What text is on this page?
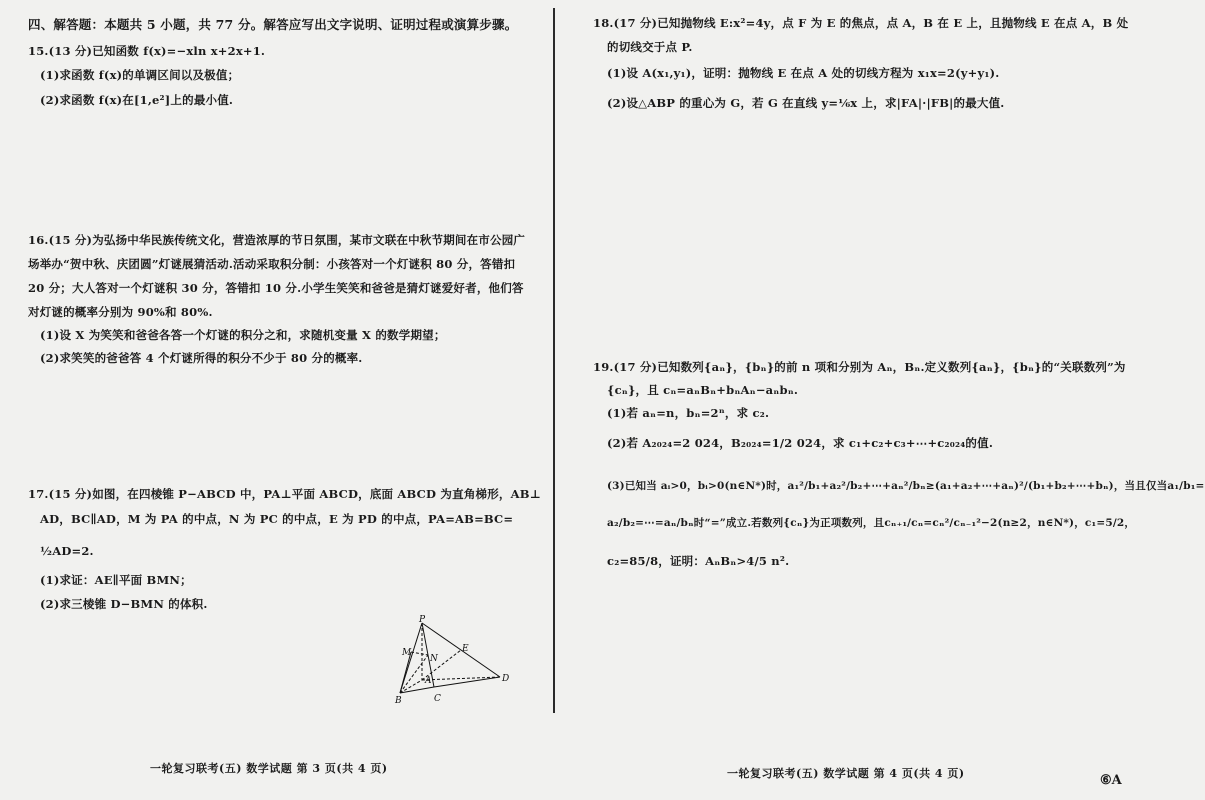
四、解答题：本题共 5 小题，共 77 分。解答应写出文字说明、证明过程或演算步骤。
15.(13 分)已知函数 f(x)=−xln x+2x+1.
(1)求函数 f(x)的单调区间以及极值；
(2)求函数 f(x)在[1,e²]上的最小值.
16.(15 分)为弘扬中华民族传统文化，营造浓厚的节日氛围，某市文联在中秋节期间在市公园广
场举办“贺中秋、庆团圆”灯谜展猜活动.活动采取积分制：小孩答对一个灯谜积 80 分，答错扣
20 分；大人答对一个灯谜积 30 分，答错扣 10 分.小学生笑笑和爸爸是猜灯谜爱好者，他们答
对灯谜的概率分别为 90%和 80%.
(1)设 X 为笑笑和爸爸各答一个灯谜的积分之和，求随机变量 X 的数学期望；
(2)求笑笑的爸爸答 4 个灯谜所得的积分不少于 80 分的概率.
17.(15 分)如图，在四棱锥 P−ABCD 中，PA⊥平面 ABCD，底面 ABCD 为直角梯形，AB⊥
AD，BC∥AD，M 为 PA 的中点，N 为 PC 的中点，E 为 PD 的中点，PA=AB=BC=
½AD=2.
(1)求证：AE∥平面 BMN；
(2)求三棱锥 D−BMN 的体积.
P
M
N
E
A
B	C
D
一轮复习联考(五) 数学试题 第 3 页(共 4 页)
18.(17 分)已知抛物线 E:x²=4y，点 F 为 E 的焦点，点 A，B 在 E 上，且抛物线 E 在点 A，B 处
的切线交于点 P.
(1)设 A(x₁,y₁)，证明：抛物线 E 在点 A 处的切线方程为 x₁x=2(y+y₁).
(2)设△ABP 的重心为 G，若 G 在直线 y=⅙x 上，求|FA|·|FB|的最大值.
19.(17 分)已知数列{aₙ}，{bₙ}的前 n 项和分别为 Aₙ，Bₙ.定义数列{aₙ}，{bₙ}的“关联数列”为
{cₙ}，且 cₙ=aₙBₙ+bₙAₙ−aₙbₙ.
(1)若 aₙ=n，bₙ=2ⁿ，求 c₂.
(2)若 A₂₀₂₄=2 024，B₂₀₂₄=1/2 024，求 c₁+c₂+c₃+⋯+c₂₀₂₄的值.
(3)已知当 aᵢ>0，bᵢ>0(n∈N*)时，a₁²/b₁+a₂²/b₂+⋯+aₙ²/bₙ≥(a₁+a₂+⋯+aₙ)²/(b₁+b₂+⋯+bₙ)，当且仅当a₁/b₁=
a₂/b₂=⋯=aₙ/bₙ时“=”成立.若数列{cₙ}为正项数列，且cₙ₊₁/cₙ=cₙ²/cₙ₋₁²−2(n≥2，n∈N*)，c₁=5/2，
c₂=85/8，证明：AₙBₙ>4/5 n².
一轮复习联考(五) 数学试题 第 4 页(共 4 页)	⑥A
